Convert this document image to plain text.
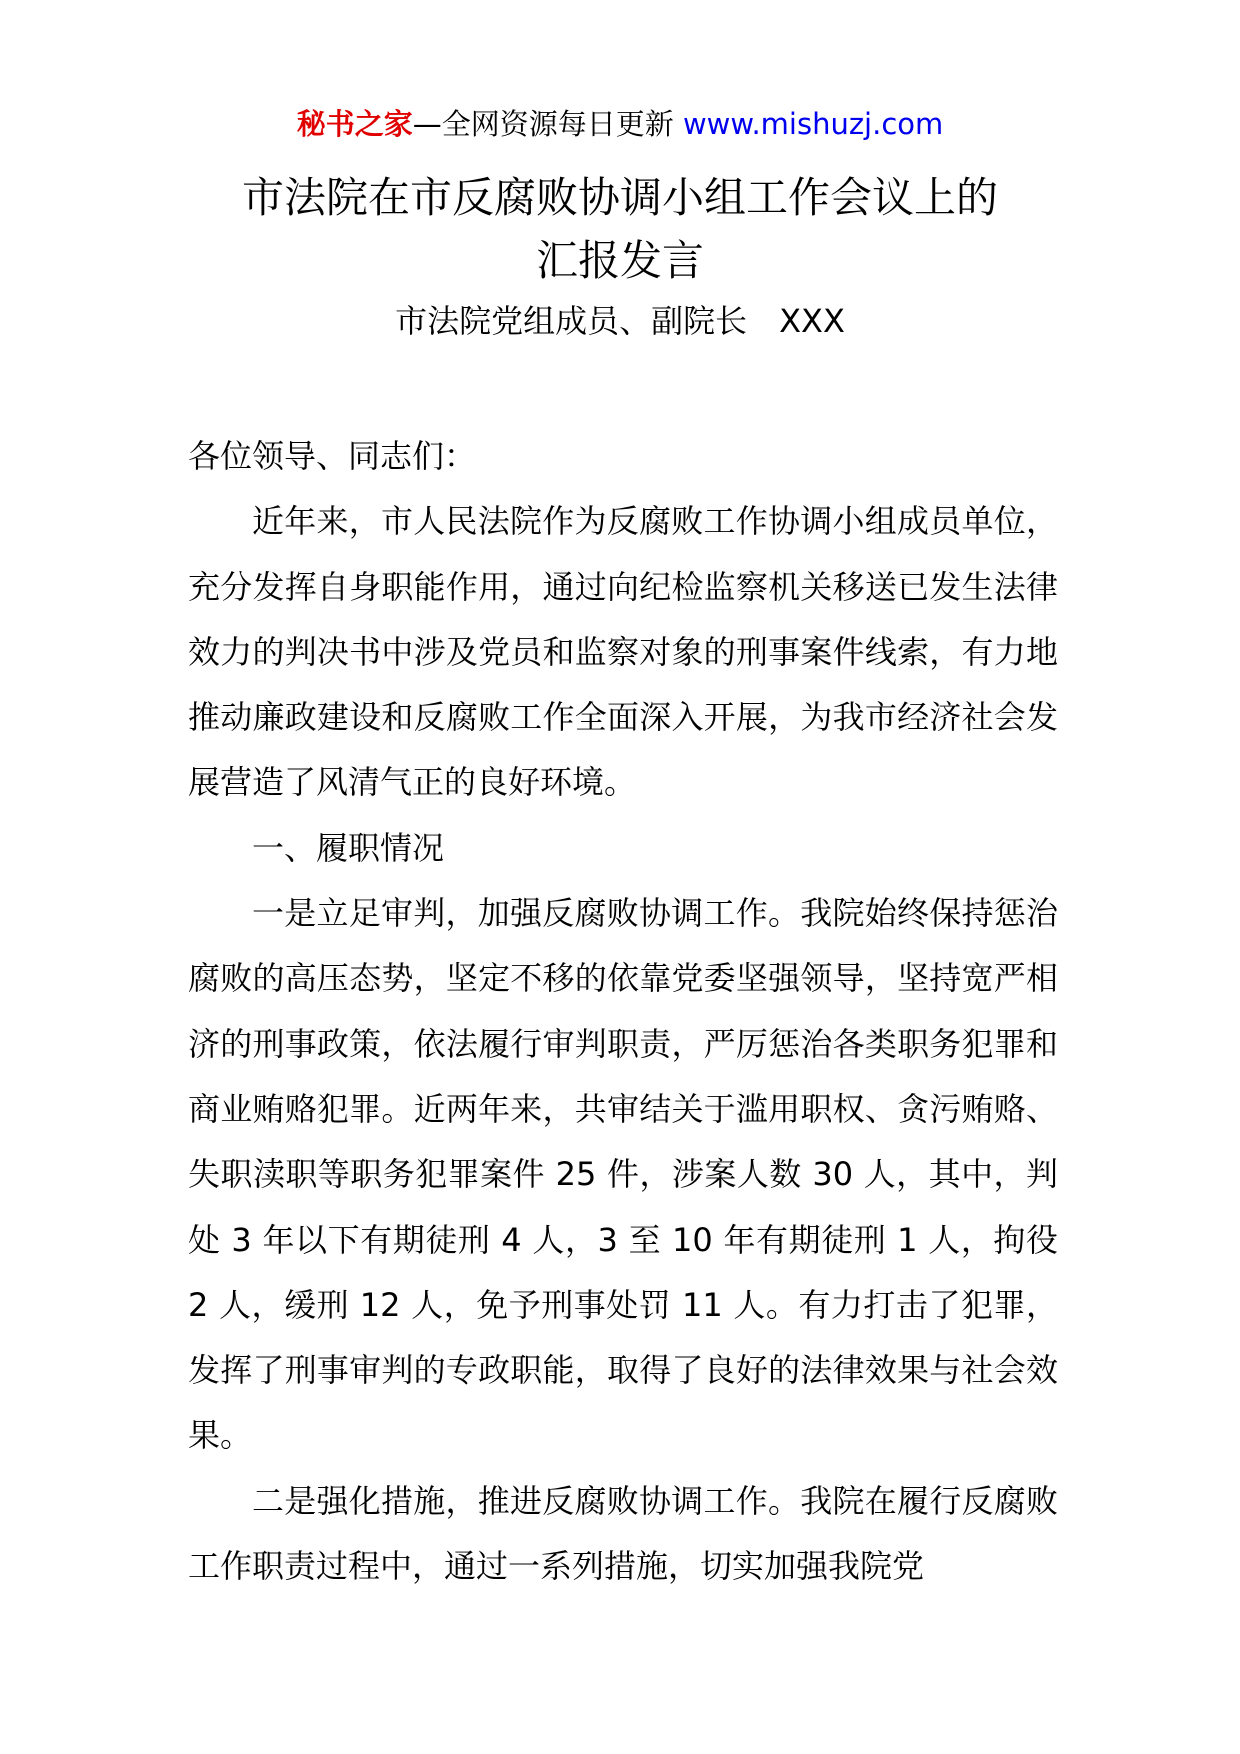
秘书之家—全网资源每日更新 www.mishuzj.com
市法院在市反腐败协调小组工作会议上的
汇报发言
市法院党组成员、副院长　XXX

各位领导、同志们：

近年来，市人民法院作为反腐败工作协调小组成员单位，充分发挥自身职能作用，通过向纪检监察机关移送已发生法律效力的判决书中涉及党员和监察对象的刑事案件线索，有力地推动廉政建设和反腐败工作全面深入开展，为我市经济社会发展营造了风清气正的良好环境。

一、履职情况

一是立足审判，加强反腐败协调工作。我院始终保持惩治腐败的高压态势，坚定不移的依靠党委坚强领导，坚持宽严相济的刑事政策，依法履行审判职责，严厉惩治各类职务犯罪和商业贿赂犯罪。近两年来，共审结关于滥用职权、贪污贿赂、失职渎职等职务犯罪案件 25 件，涉案人数 30 人，其中，判处 3 年以下有期徒刑 4 人，3 至 10 年有期徒刑 1 人，拘役 2 人，缓刑 12 人，免予刑事处罚 11 人。有力打击了犯罪，发挥了刑事审判的专政职能，取得了良好的法律效果与社会效果。

二是强化措施，推进反腐败协调工作。我院在履行反腐败工作职责过程中，通过一系列措施，切实加强我院党
